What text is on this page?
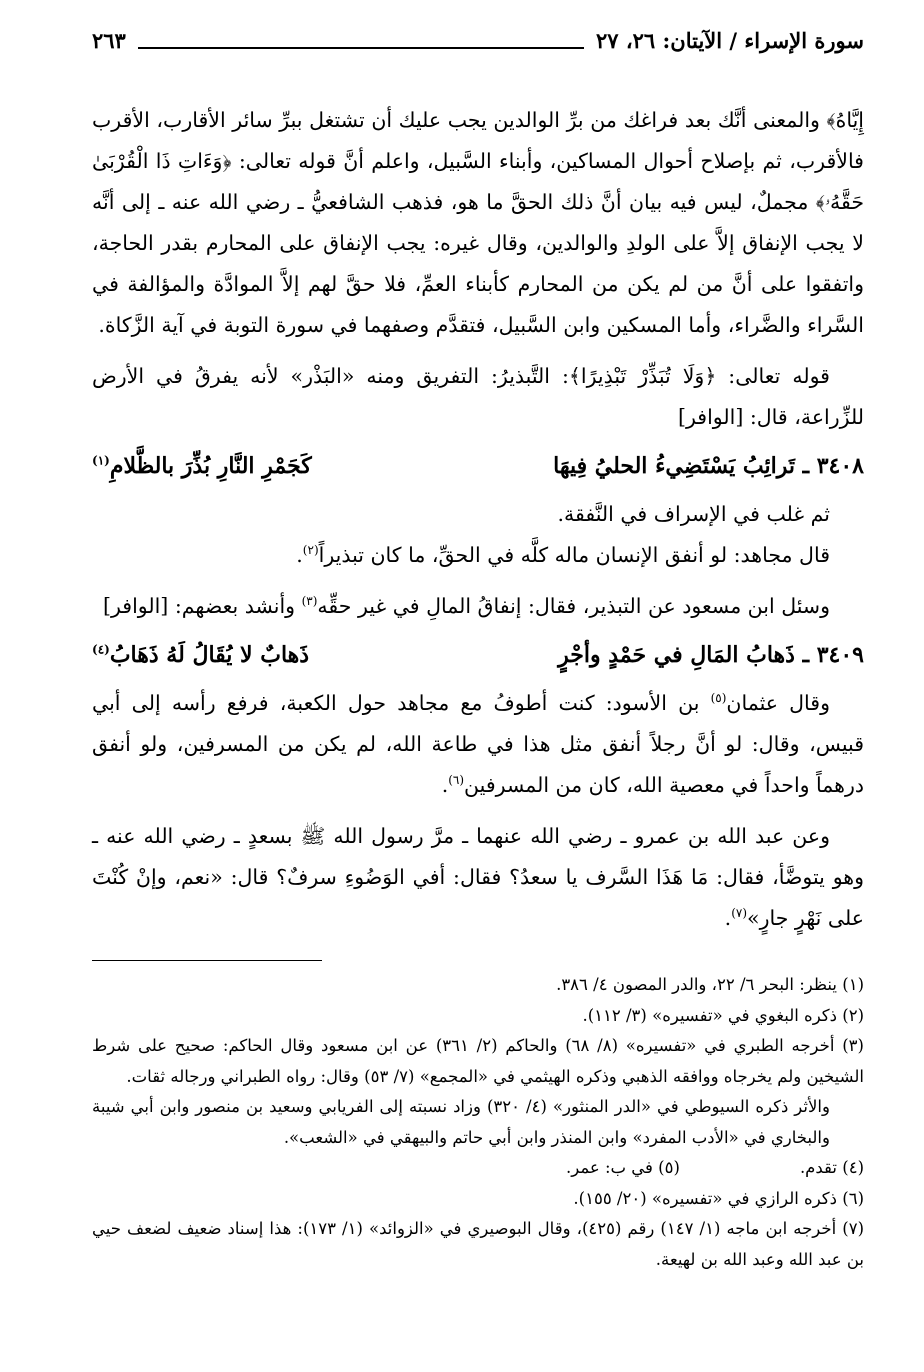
سورة الإسراء / الآيتان: ٢٦، ٢٧
٢٦٣

إِيَّاهُ﴾ والمعنى أنَّك بعد فراغك من برِّ الوالدين يجب عليك أن تشتغل ببرِّ سائر الأقارب، الأقرب فالأقرب، ثم بإصلاح أحوال المساكين، وأبناء السَّبيل، واعلم أنَّ قوله تعالى: ﴿وَءَاتِ ذَا الْقُرْبَىٰ حَقَّهُۥ﴾ مجملٌ، ليس فيه بيان أنَّ ذلك الحقَّ ما هو، فذهب الشافعيُّ ـ رضي الله عنه ـ إلى أنَّه لا يجب الإنفاق إلاَّ على الولدِ والوالدين، وقال غيره: يجب الإنفاق على المحارم بقدر الحاجة، واتفقوا على أنَّ من لم يكن من المحارم كأبناء العمِّ، فلا حقَّ لهم إلاَّ الموادَّة والمؤالفة في السَّراء والضَّراء، وأما المسكين وابن السَّبيل، فتقدَّم وصفهما في سورة التوبة في آية الزَّكاة.

قوله تعالى: ﴿وَلَا تُبَذِّرْ تَبْذِيرًا﴾: التَّبذيرُ: التفريق ومنه «البَذْر» لأنه يفرقُ في الأرض للزِّراعة، قال: [الوافر]

٣٤٠٨ ـ تَرائِبُ يَسْتَضِيءُ الحليُ فِيهَا
كَجَمْرِ النَّارِ بُذِّرَ بالظَّلامِ$^{(١)}$

ثم غلب في الإسراف في النَّفقة.

قال مجاهد: لو أنفق الإنسان ماله كلَّه في الحقِّ، ما كان تبذيراً$^{(٢)}$.

وسئل ابن مسعود عن التبذير، فقال: إنفاقُ المالِ في غير حقِّه$^{(٣)}$ وأنشد بعضهم: [الوافر]

٣٤٠٩ ـ ذَهابُ المَالِ في حَمْدٍ وأجْرٍ
ذَهابٌ لا يُقَالُ لَهُ ذَهَابُ$^{(٤)}$

وقال عثمان$^{(٥)}$ بن الأسود: كنت أطوفُ مع مجاهد حول الكعبة، فرفع رأسه إلى أبي قبيس، وقال: لو أنَّ رجلاً أنفق مثل هذا في طاعة الله، لم يكن من المسرفين، ولو أنفق درهماً واحداً في معصية الله، كان من المسرفين$^{(٦)}$.

وعن عبد الله بن عمرو ـ رضي الله عنهما ـ مرَّ رسول الله ﷺ بسعدٍ ـ رضي الله عنه ـ وهو يتوضَّأ، فقال: مَا هَذَا السَّرف يا سعدُ؟ فقال: أفي الوَضُوءِ سرفٌ؟ قال: «نعم، وإنْ كُنْتَ على نَهْرٍ جارٍ»$^{(٧)}$.

(١) ينظر: البحر ٦/ ٢٢، والدر المصون ٤/ ٣٨٦.

(٢) ذكره البغوي في «تفسيره» (٣/ ١١٢).

(٣) أخرجه الطبري في «تفسيره» (٨/ ٦٨) والحاكم (٢/ ٣٦١) عن ابن مسعود وقال الحاكم: صحيح على شرط الشيخين ولم يخرجاه ووافقه الذهبي وذكره الهيثمي في «المجمع» (٧/ ٥٣) وقال: رواه الطبراني ورجاله ثقات.

والأثر ذكره السيوطي في «الدر المنثور» (٤/ ٣٢٠) وزاد نسبته إلى الفريابي وسعيد بن منصور وابن أبي شيبة والبخاري في «الأدب المفرد» وابن المنذر وابن أبي حاتم والبيهقي في «الشعب».

(٤) تقدم.
(٥) في ب: عمر.

(٦) ذكره الرازي في «تفسيره» (٢٠/ ١٥٥).

(٧) أخرجه ابن ماجه (١/ ١٤٧) رقم (٤٢٥)، وقال البوصيري في «الزوائد» (١/ ١٧٣): هذا إسناد ضعيف لضعف حيي بن عبد الله وعبد الله بن لهيعة.
